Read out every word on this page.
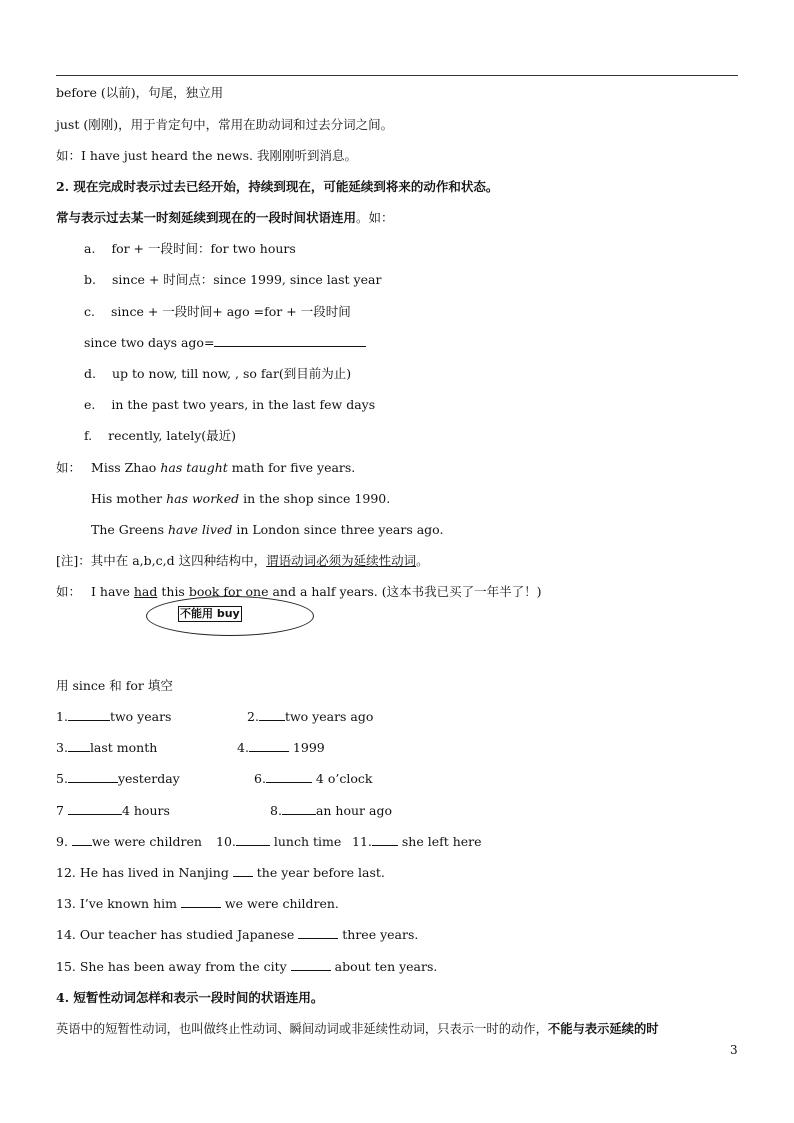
before (以前)，句尾，独立用
just (刚刚)，用于肯定句中，常用在助动词和过去分词之间。
如：I have just heard the news. 我刚刚听到消息。
2. 现在完成时表示过去已经开始，持续到现在，可能延续到将来的动作和状态。
常与表示过去某一时刻延续到现在的一段时间状语连用。如：
a. for + 一段时间：for two hours
b. since + 时间点：since 1999, since last year
c. since + 一段时间+ ago =for + 一段时间
since two days ago=
d. up to now, till now, , so far(到目前为止)
e. in the past two years, in the last few days
f. recently, lately(最近)
如： Miss Zhao has taught math for five years.
His mother has worked in the shop since 1990.
The Greens have lived in London since three years ago.
[注]：其中在 a,b,c,d 这四种结构中，谓语动词必须为延续性动词。
如： I have had this book for one and a half years. (这本书我已买了一年半了！)
不能用 buy
用 since 和 for 填空
1.	two years	2. two years ago
3. last month	4.	1999
5.	yesterday	6.	4 o’clock
7	4 hours	8.	an hour ago
9. we were children 10.	lunch time 11. she left here
12. He has lived in Nanjing  the year before last.
13. I’ve known him	we were children.
14. Our teacher has studied Japanese	three years.
15. She has been away from the city	about ten years.
4. 短暂性动词怎样和表示一段时间的状语连用。
英语中的短暂性动词，也叫做终止性动词、瞬间动词或非延续性动词，只表示一时的动作，不能与表示延续的时
3
